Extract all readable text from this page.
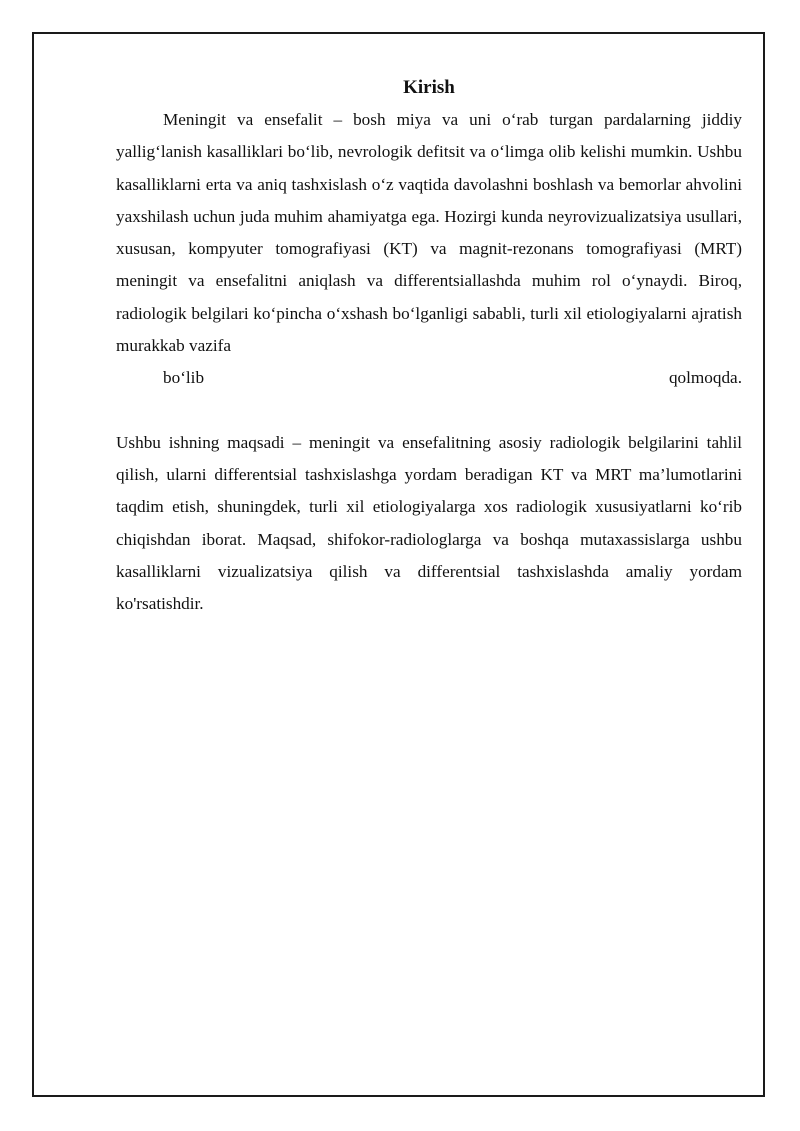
Kirish

Meningit va ensefalit – bosh miya va uni o‘rab turgan pardalarning jiddiy yallig‘lanish kasalliklari bo‘lib, nevrologik defitsit va o‘limga olib kelishi mumkin. Ushbu kasalliklarni erta va aniq tashxislash o‘z vaqtida davolashni boshlash va bemorlar ahvolini yaxshilash uchun juda muhim ahamiyatga ega. Hozirgi kunda neyrovizualizatsiya usullari, xususan, kompyuter tomografiyasi (KT) va magnit-rezonans tomografiyasi (MRT) meningit va ensefalitni aniqlash va differentsiallashda muhim rol o‘ynaydi. Biroq, radiologik belgilari ko‘pincha o‘xshash bo‘lganligi sababli, turli xil etiologiyalarni ajratish murakkab vazifa
bo‘lib qolmoqda.

Ushbu ishning maqsadi – meningit va ensefalitning asosiy radiologik belgilarini tahlil qilish, ularni differentsial tashxislashga yordam beradigan KT va MRT ma’lumotlarini taqdim etish, shuningdek, turli xil etiologiyalarga xos radiologik xususiyatlarni ko‘rib chiqishdan iborat. Maqsad, shifokor-radiologlarga va boshqa mutaxassislarga ushbu kasalliklarni vizualizatsiya qilish va differentsial tashxislashda amaliy yordam ko'rsatishdir.
